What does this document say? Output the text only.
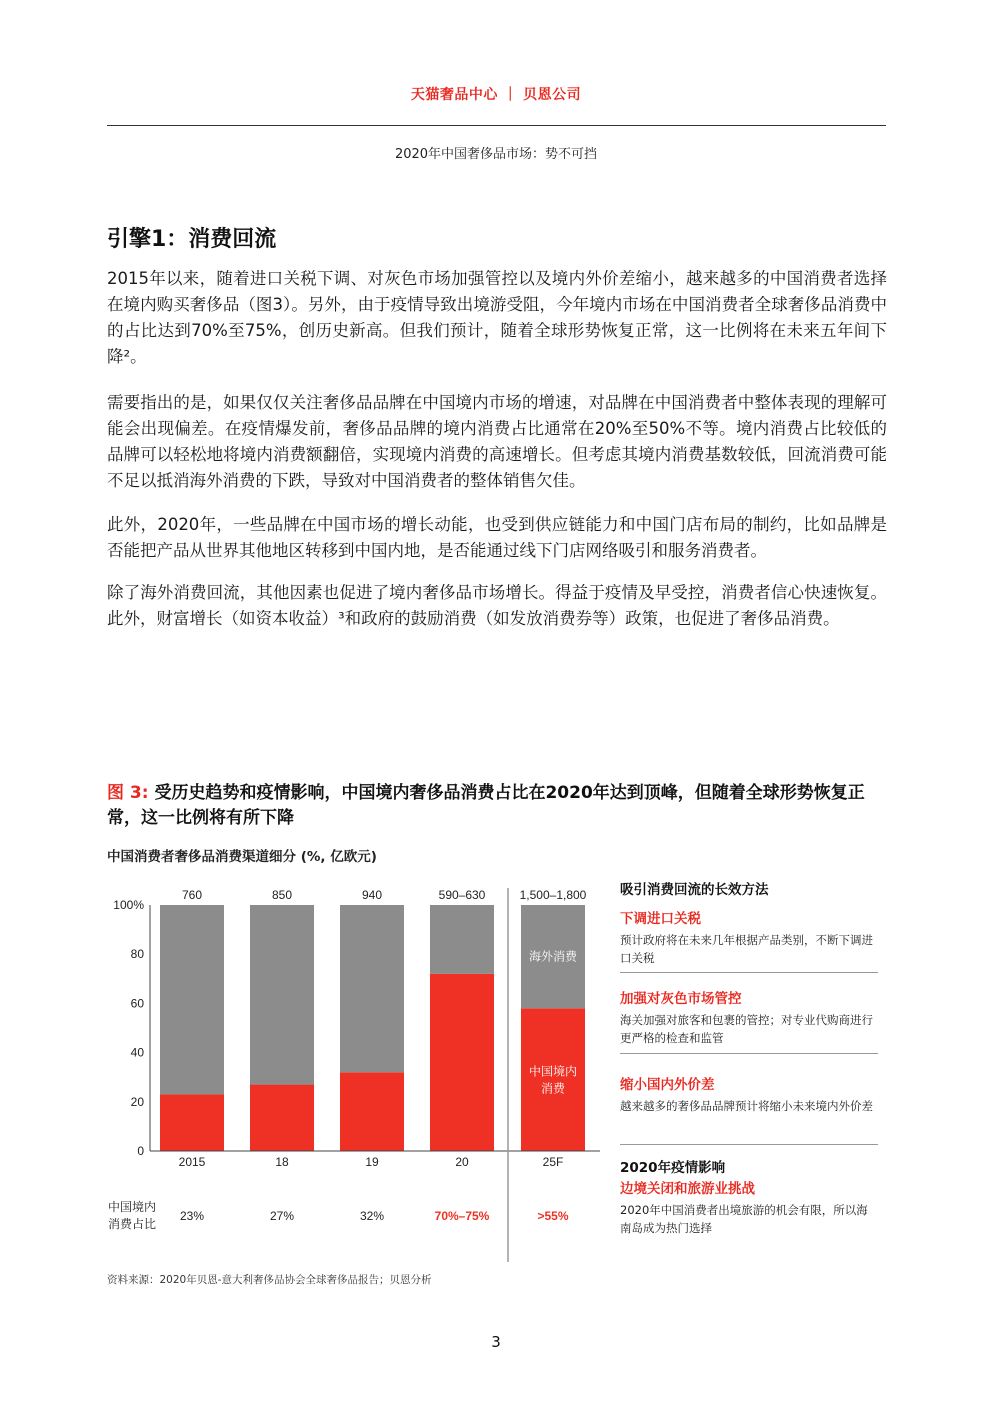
天猫奢品中心 ｜ 贝恩公司
2020年中国奢侈品市场：势不可挡
引擎1：消费回流

2015年以来，随着进口关税下调、对灰色市场加强管控以及境内外价差缩小，越来越多的中国消费者选择在境内购买奢侈品（图3）。另外，由于疫情导致出境游受阻，今年境内市场在中国消费者全球奢侈品消费中的占比达到70%至75%，创历史新高。但我们预计，随着全球形势恢复正常，这一比例将在未来五年间下降²。

需要指出的是，如果仅仅关注奢侈品品牌在中国境内市场的增速，对品牌在中国消费者中整体表现的理解可能会出现偏差。在疫情爆发前，奢侈品品牌的境内消费占比通常在20%至50%不等。境内消费占比较低的品牌可以轻松地将境内消费额翻倍，实现境内消费的高速增长。但考虑其境内消费基数较低，回流消费可能不足以抵消海外消费的下跌，导致对中国消费者的整体销售欠佳。

此外，2020年，一些品牌在中国市场的增长动能，也受到供应链能力和中国门店布局的制约，比如品牌是否能把产品从世界其他地区转移到中国内地，是否能通过线下门店网络吸引和服务消费者。

除了海外消费回流，其他因素也促进了境内奢侈品市场增长。得益于疫情及早受控，消费者信心快速恢复。此外，财富增长（如资本收益）³和政府的鼓励消费（如发放消费券等）政策，也促进了奢侈品消费。

图 3: 受历史趋势和疫情影响，中国境内奢侈品消费占比在2020年达到顶峰，但随着全球形势恢复正常，这一比例将有所下降
中国消费者奢侈品消费渠道细分 (%, 亿欧元)
0
20
40
60
80
100%
760
2015
23%
850
18
27%
940
19
32%
590–630
20
70%–75%
1,500–1,800
25F
>55%
海外消费
中国境内
消费
中国境内
消费占比
吸引消费回流的长效方法
下调进口关税
预计政府将在未来几年根据产品类别，不断下调进口关税
加强对灰色市场管控
海关加强对旅客和包裹的管控；对专业代购商进行更严格的检查和监管
缩小国内外价差
越来越多的奢侈品品牌预计将缩小未来境内外价差
2020年疫情影响
边境关闭和旅游业挑战
2020年中国消费者出境旅游的机会有限，所以海南岛成为热门选择
资料来源：2020年贝恩-意大利奢侈品协会全球奢侈品报告；贝恩分析
3
